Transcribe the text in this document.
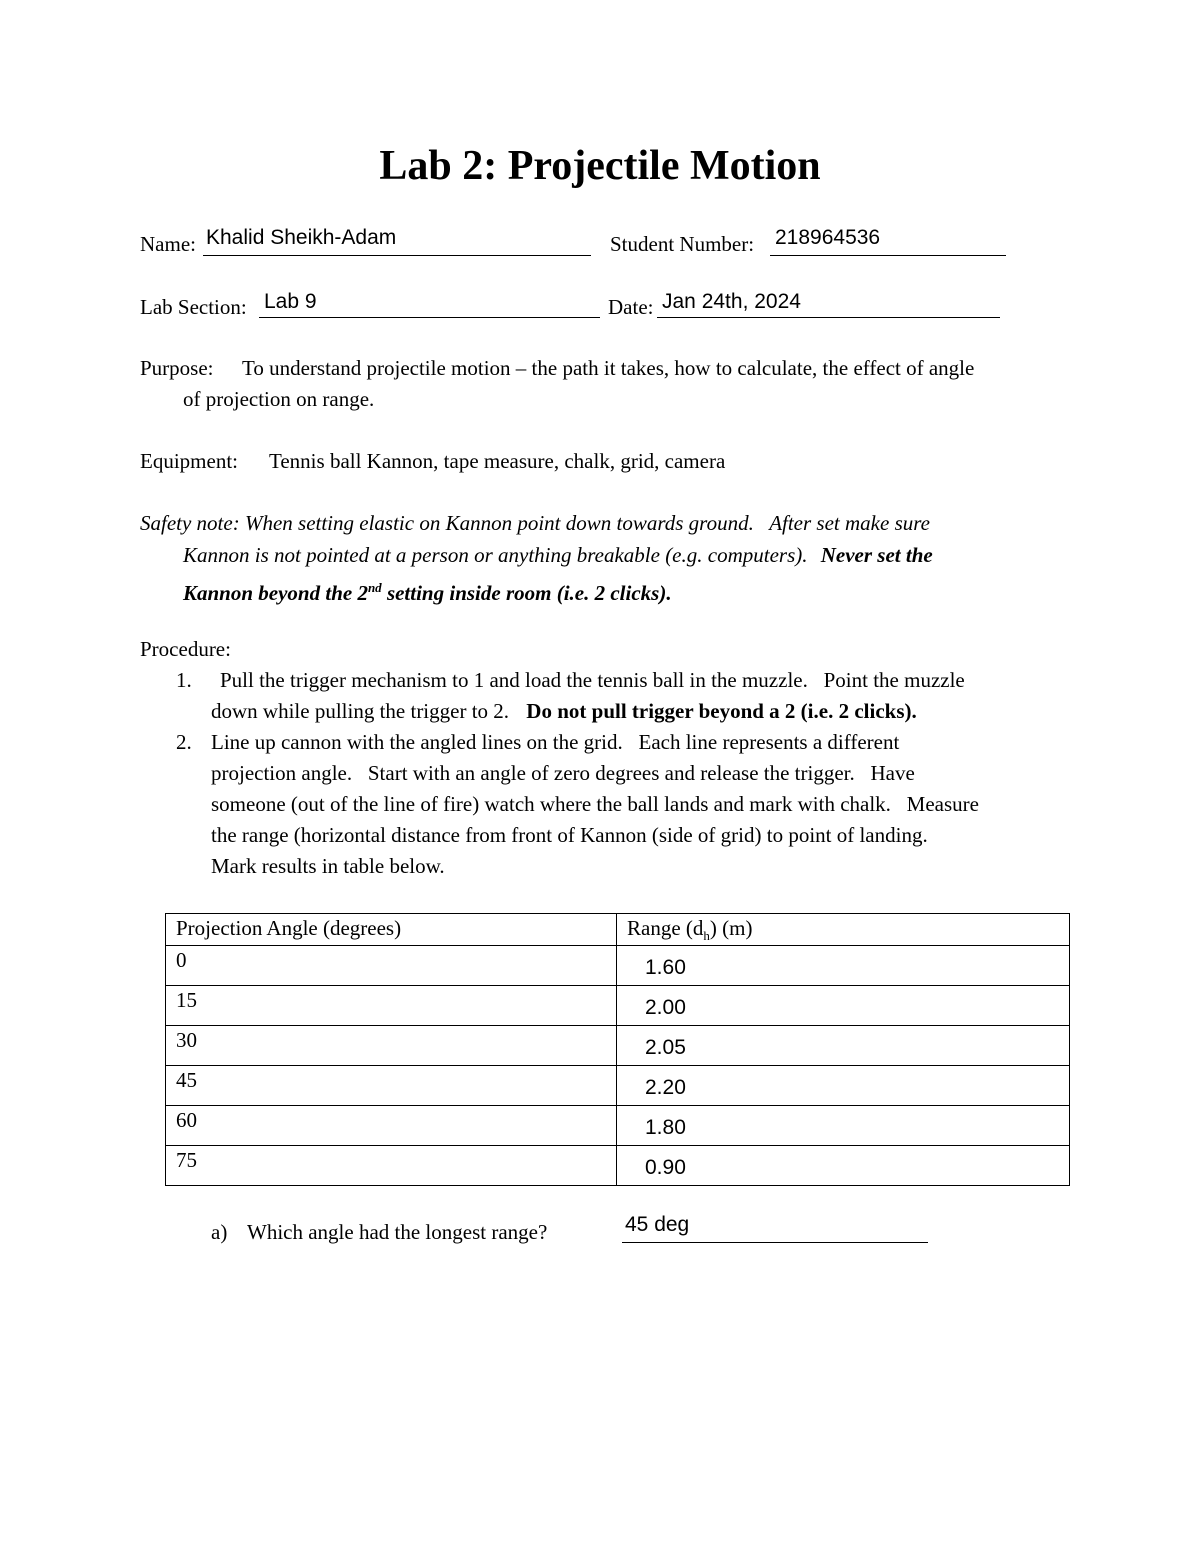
Lab 2: Projectile Motion
Name: Khalid Sheikh-Adam	Student Number: 218964536
Lab Section: Lab 9	Date: Jan 24th, 2024
Purpose: To understand projectile motion – the path it takes, how to calculate, the effect of angle
of projection on range.
Equipment: Tennis ball Kannon, tape measure, chalk, grid, camera
Safety note: When setting elastic on Kannon point down towards ground.   After set make sure
Kannon is not pointed at a person or anything breakable (e.g. computers). Never set the
Kannon beyond the 2nd setting inside room (i.e. 2 clicks).
Procedure:
1. Pull the trigger mechanism to 1 and load the tennis ball in the muzzle.   Point the muzzle
down while pulling the trigger to 2. Do not pull trigger beyond a 2 (i.e. 2 clicks).
2. Line up cannon with the angled lines on the grid.   Each line represents a different
projection angle.   Start with an angle of zero degrees and release the trigger.   Have
someone (out of the line of fire) watch where the ball lands and mark with chalk.   Measure
the range (horizontal distance from front of Kannon (side of grid) to point of landing.
Mark results in table below.
Projection Angle (degrees)	Range $(d_h)$ (m)
0	1.60
15	2.00
30	2.05
45	2.20
60	1.80
75	0.90
a) Which angle had the longest range?	45 deg
